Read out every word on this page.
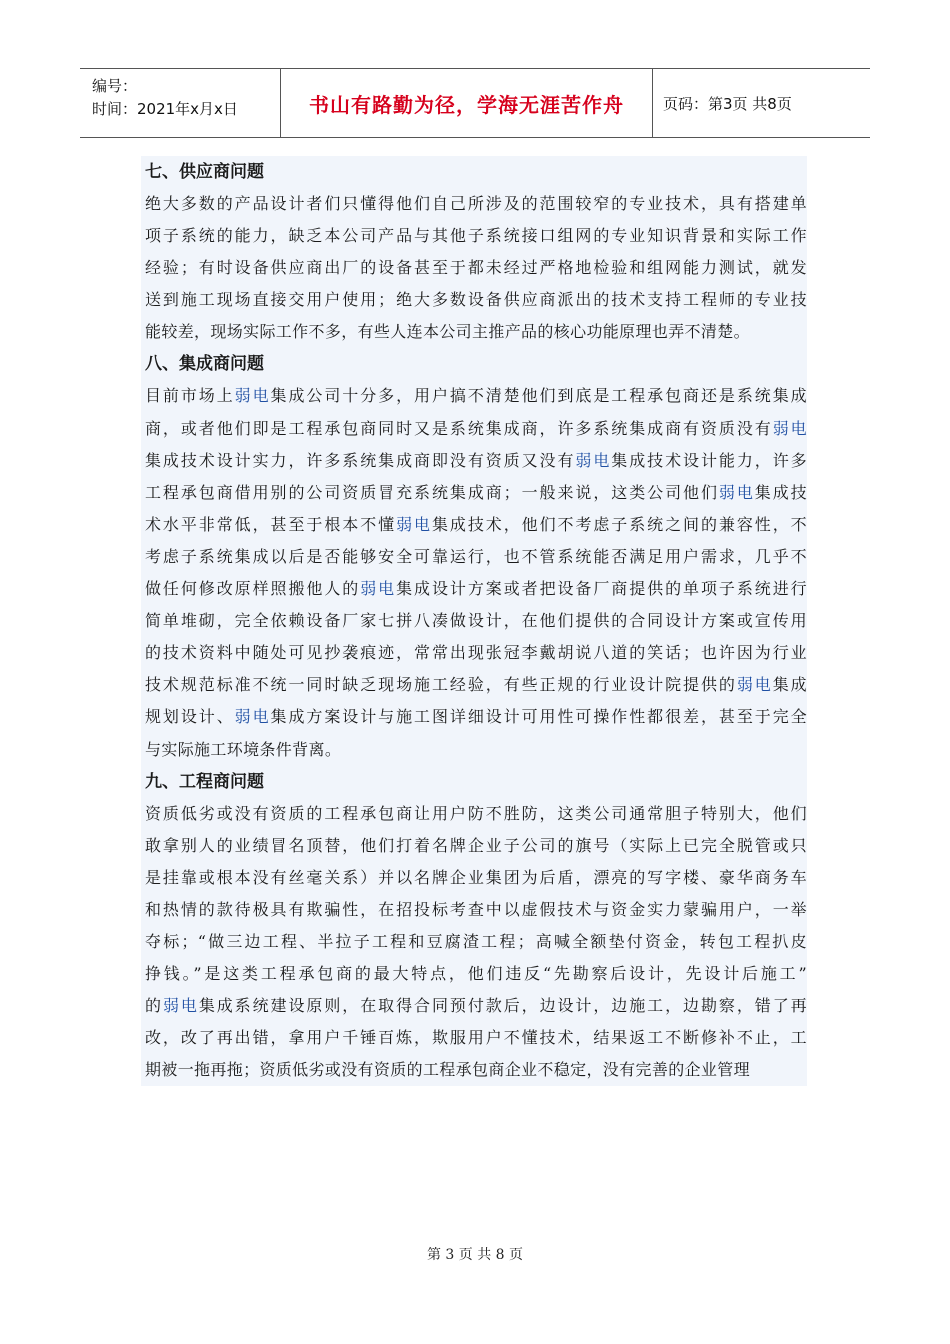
编号：
时间：2021年x月x日	书山有路勤为径，学海无涯苦作舟	页码：第3页 共8页
七、供应商问题
绝大多数的产品设计者们只懂得他们自己所涉及的范围较窄的专业技术，具有搭建单
项子系统的能力，缺乏本公司产品与其他子系统接口组网的专业知识背景和实际工作
经验；有时设备供应商出厂的设备甚至于都未经过严格地检验和组网能力测试，就发
送到施工现场直接交用户使用；绝大多数设备供应商派出的技术支持工程师的专业技
能较差，现场实际工作不多，有些人连本公司主推产品的核心功能原理也弄不清楚。
八、集成商问题
目前市场上弱电集成公司十分多，用户搞不清楚他们到底是工程承包商还是系统集成
商，或者他们即是工程承包商同时又是系统集成商，许多系统集成商有资质没有弱电
集成技术设计实力，许多系统集成商即没有资质又没有弱电集成技术设计能力，许多
工程承包商借用别的公司资质冒充系统集成商；一般来说，这类公司他们弱电集成技
术水平非常低，甚至于根本不懂弱电集成技术，他们不考虑子系统之间的兼容性，不
考虑子系统集成以后是否能够安全可靠运行，也不管系统能否满足用户需求，几乎不
做任何修改原样照搬他人的弱电集成设计方案或者把设备厂商提供的单项子系统进行
简单堆砌，完全依赖设备厂家七拼八凑做设计，在他们提供的合同设计方案或宣传用
的技术资料中随处可见抄袭痕迹，常常出现张冠李戴胡说八道的笑话；也许因为行业
技术规范标准不统一同时缺乏现场施工经验，有些正规的行业设计院提供的弱电集成
规划设计、弱电集成方案设计与施工图详细设计可用性可操作性都很差，甚至于完全
与实际施工环境条件背离。
九、工程商问题
资质低劣或没有资质的工程承包商让用户防不胜防，这类公司通常胆子特别大，他们
敢拿别人的业绩冒名顶替，他们打着名牌企业子公司的旗号（实际上已完全脱管或只
是挂靠或根本没有丝毫关系）并以名牌企业集团为后盾，漂亮的写字楼、豪华商务车
和热情的款待极具有欺骗性，在招投标考查中以虚假技术与资金实力蒙骗用户，一举
夺标；“做三边工程、半拉子工程和豆腐渣工程；高喊全额垫付资金，转包工程扒皮
挣钱。”是这类工程承包商的最大特点，他们违反“先勘察后设计，先设计后施工”
的弱电集成系统建设原则，在取得合同预付款后，边设计，边施工，边勘察，错了再
改，改了再出错，拿用户千锤百炼，欺服用户不懂技术，结果返工不断修补不止，工
期被一拖再拖；资质低劣或没有资质的工程承包商企业不稳定，没有完善的企业管理
第 3 页 共 8 页
